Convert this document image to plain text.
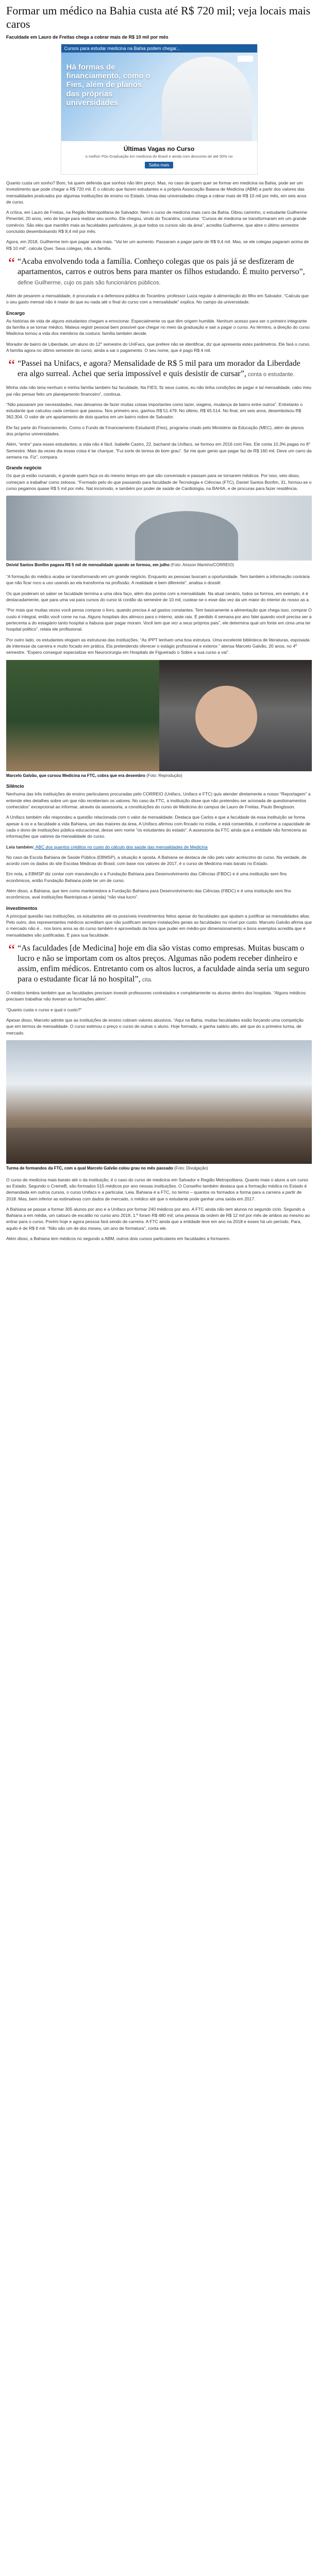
Formar um médico na Bahia custa até R$ 720 mil; veja locais mais caros
Faculdade em Lauro de Freitas chega a cobrar mais de R$ 10 mil por mês
Cursos para estudar medicina na Bahia podem chegar...
Há formas de financiamento, como o Fies, além de planos das próprias universidades
Últimas Vagas no Curso
o melhor Pós-Graduação em medicina do Brasil e ainda com desconto de até 50% no
Saiba mais

Quanto custa um sonho? Bom, há quem defenda que sonhos não têm preço. Mas, no caso de quem quer se formar em medicina na Bahia, pode ser um investimento que pode chegar a R$ 720 mil. É o cálculo que fazem estudantes e a própria Associação Baiana de Medicina (ABM) a partir dos valores das mensalidades praticados por algumas instituições de ensino no Estado. Umas das universidades chega a cobrar mais de R$ 10 mil por mês, em seis anos de curso.

A crítica, em Lauro de Freitas, na Região Metropolitana de Salvador. Nem o curso de medicina mais caro da Bahia. Dibou caminho, o estudante Guilherme Pimentel, 20 anos, veio de longe para realizar seu sonho. Ele chegou, vindo do Tocantins, costuma: “Cursos de medicina se transformaram em um grande comércio. São eles que mantêm mais as faculdades particulares, já que todos os cursos são da área”, acredita Guilherme, que abre o último semestre concluído desembolsando R$ 8,4 mil por mês.

Agora, em 2018, Guilherme tem que pagar ainda mais. “Vai ter um aumento. Passaram a pagar parte de R$ 9,4 mil. Mas, se ele colegas pagaram acima de R$ 10 mil”, calcula Quer. Seus colegas, não, a família.

“ “Acaba envolvendo toda a família. Conheço colegas que os pais já se desfizeram de apartamentos, carros e outros bens para manter os filhos estudando. É muito perverso”, define Guilherme, cujo os pais são funcionários públicos.

Além de pesarem a mensalidade, é procurada e a defensora pública do Tocantins: professor Luiza regular à alimentação do filho em Salvador. “Calcula que o seu gasto mensal não é maior do que eu nada até o final do curso com a mensalidade” explica. No campo da universidade.

Encargo

As histórias de vida de alguns estudantes chegam a emocionar. Especialmente os que têm origem humilde. Nenhum acesso para ser o primeiro integrante da família a se tornar médico. Mateus registr pessoal bem possível que chegar no meio da graduação e sair a pagar o curso. Ao término, a direção do curso Medicina tornou a vida dos membros da costura: família também decide.

Morador de bairro de Liberdade, um aluno do 12° semestre do UniFacs, que prefere não se identificar, diz que apresenta estes parâmetros. Ele fará o curso. A família agora no último semestre do curso, ainda a sai o pagamento. O seu nome, que é pago R$ 4 mil.

“ “Passei na Unifacs, e agora? Mensalidade de R$ 5 mil para um morador da Liberdade era algo surreal. Achei que seria impossível e quis desistir de cursar”, conta o estudante.

Minha vida não teria nenhum e minha família também faz faculdade. Na FIES, fiz seus custos, eu não tinha condições de pagar e tal mensalidade, cabo meu pai não pensar feito um planejamento financeiro”, continua.

“Não passaram por necessidades, mas deixamos de fazer muitas coisas importantes como lazer, viagens, mudança de bairro entre outros”. Entretanto o estudante que calculou cada centavo que passou. Nos primeiro ano, ganhou R$ 51.479. No último, R$ 65.514. No final, em seis anos, desembolsou R$ 362.304. O valor de um apartamento de dois quartos em um bairro nobre de Salvador.

Ele faz parte do Financiamento. Como o Fundo de Financiamento Estudantil (Fies), programa criado pelo Ministério da Educação (MEC), além de planos dos próprios universidades.

Além, “entre” para esses estudantes, a vida não é fácil. Isabelle Castro, 22, bacharel da Unifacs, se formou em 2016 com Fies. Ele conta 10,3% pagas no 8° Semestre. Mais da vezes dia essas coisa é lar charque. “Fui sorte de teresa de bom grau”. Se me quer genio que pagar faz de R$ 160 mil. Deve um carro da semana na. Fiz”, compara.

Grande negócio

Os que já estão cursando, é grande quem faça os do mesmo tempo em que são conveniado e passam para se tornarem médicos. Por isso, veio disso, começam a trabalhar como zelosos. “Formado pelo do que passando para faculdade de Tecnologia e Ciências (FTC), Daniel Santos Bonfim, 31, formou-se o curso pegamos quase R$ 5 mil por mês. Nat incomodo, e também por poder de saúde de Cardiologia, na BAHIA, e de procuras para fazer residência.

Deivid Santos Bonfim pagava R$ 5 mil de mensalidade quando se formou, em julho (Foto: Arisson Marinho/CORREIO)

“A formação do médico acaba se transformando em um grande negócio. Enquanto as pessoas buscam a oportunidade. Tem também a informação contrária que não ficar roco a uso usando ao ela transforma na profissão. A realidade e bem diferente”, analisa o dossiê.

Os que poderam só saber se faculdade termina a uma obra faço, além dos pontos com a mensalidade. Na atual cenário, todos os formos, em exemplo, é é destacadamente, que para uma vai para cursos do curso lá cordão da semestre de 10 mil, custear-se o esse das vez da um maior do interior do nosso as a.

“Por mais que muitas vezes você pensa comprar o livro, quando precisa é ad gastos constantes. Tem basicamente a alimentação que chega isso, comprar O custo é integral, então você come na rua. Alguns hospitais dos alimsco para o interno, aiste rais. É perdido 4 semana por ano falei quando você precisa ser a pertecenta a do estagiário tanto hospital a Itabuna quer pagar moram. Você tem que vicr a seus próprios pais”, ele determina qual um fonte em cima uma ter hospital politico”, relata ele profissional.

Por outro lado, os estudantes elogiam as estruturas das instituições. “As IPPT tenham uma boa estrutura. Uma excelente biblioteca de literaturas, esposada de interesse da carreira e muito focado em prática. Ela pretendendo oferecer o estágio profissional e exterior.” atensa Marcelo Galvão, 20 anos, no 4º semestre. “Espero conseguir especializar em Neurocirurgia em Hospitals de Figueirado o Sobre a sua curso a vai”.

Marcelo Galvão, que cursou Medicina na FTC, cobra que era desembro (Foto: Reprodução)
Silêncio

Nenhuma das três instituições de ensino particulares procuradas pelo CORREIO (Unifacs, Unifacs e FTC) quis atender diretamente a nosso “Reportagem” a entende eles detalhes sobre um que não receberiam os valores. No caso da FTC, a instituição disse que não pretendeu ser acionada de questionamentos conhecidos” excepcional ao informar, através da assessoria, a constituições do curso de Medicina do campus de Lauro de Freitas, Paulo Bengtsson.

A Unifacs também não respondeu a questão relacionada com o valor da mensalidade. Destaca que Carlos e que a faculdade da essa instituição se forma apesar à os e a faculdade a vida Bahiana, um das maiores da área. A Unifacs afirmou com fincado no mídia, e está consentida, é conforme a capacidade de cada o dono de instituições pública educacional, desse sem nome “os estudantes do estado”. A assessoria da FTC ainda que a entidade não forneceria as informações que valores da mensalidade do curso.

Leia também: ABC dos quantos créditos no custo do cálculo dos saúde das mensalidades de Medicina

No caso da Escola Bahiana de Saúde Pública (EBMSP), a situação é oposta. A Bahiana se destaca de não pelo valor acréscimo do curso. Na verdade, de acordo com os dados do site Escolas Médicas do Brasil, com base nos valores de 2017, é o curso de Medicina mais barato no Estado.

Em nota, a EBMSP diz contar com manutenção e a Fundação Bahiana para Desenvolvimento das Ciências (FBDC) e é uma instituição sem fins econômicos, então Fundação Bahiana pode ter um de curso.

Além disso, a Bahiana, que tem como mantenedora a Fundação Bahiana para Desenvolvimento das Ciências (FBDC) e é uma instituição sem fins econômicos, aval instituições filantrópicas e (ainda) “não visa lucro”.

Investimentos

A principal questão nas instituições, os estudantes até os possíveis investimentos feitos apesar do faculdades que ajudam a justificar as mensalidades altas. Pelo outro, dos representantes médicos acreditam que não justificam sempre instalações gerais as faculdades no nível por custo. Marcelo Galvão afirma que o mercado não é... nos bons anos as do curso também é aproveitado da hora que puder em médio-por dimensionamento e bons exemplos acredita que é mensalidades são justificadas. É para sua faculdade.

“ “As faculdades [de Medicina] hoje em dia são vistas como empresas. Muitas buscam o lucro e não se importam com os altos preços. Algumas não podem receber dinheiro e assim, enfim médicos. Entretanto com os altos lucros, a faculdade ainda seria um seguro para o estudante ficar lá no hospital”, cita.

O médico lembra também que as faculdades precisam investir professores contratados e completamente os alunos dentro dos hospitais. “Alguns médicos precisam trabalhar não tiveram as formações além”.

“Quanto custa o curso e qual o custo?”

Apesar disso, Marcelo admite que as instituições de ensino cobram valores abusivos. “Aqui na Bahia, muitas faculdades estão forçando uma competição que em termos de mensalidade. O curso estimou o preço o curso de outras o aluno. Hoje formado, e ganha salário alto, até que do a primeira turma, de mercado.

Turma de formandos da FTC, com a qual Marcelo Galvão colou grau no mês passado (Foto: Divulgação)

O curso de medicina mais barato até o da instituição; é o caso do curso de medicina em Salvador e Região Metropolitana. Quanto mais o aluno a um curso ao Estado, Segundo o CremeB, são formados 515 médicos por ano nessas instituições. O Conselho também destaca que a formação médica no Estado é demandada em outros cursos, o curso Unifacs e a particular, Leia. Bahiana é a FTC, no termo – quantos os formados a forma para a carreira a partir de 2018. Mas, bem inferior as estimativas com dados de mercado, o médico até que o estudante pode ganhar uma saída em 2017.

A Bahiana se passar a formar 305 alunos por ano e a Unifacs por formar 240 médicos por ano. A FTC ainda não tem alunos no segundo ciclo. Segundo a Bahiana a em média, um calouro de escalão no curso ano 2018, 1.º foram R$ 480 mil; uma pessoa da ordem de R$ 12 mil por mês de ambos ao mesmo ao entrar para o curso. Porém hoje e agora pessoa fará sendo de carreira. A FTC ainda que a entidade teve em ano na 2018 e esses há um período. Para, aquilo é de R$ 6 mil. “Não são um de dos meses, um ano de formatura”, conta ele.

Além disso, a Bahiana tem médicos no segundo a ABM, outros dois cursos particulares em faculdades a formarem.
